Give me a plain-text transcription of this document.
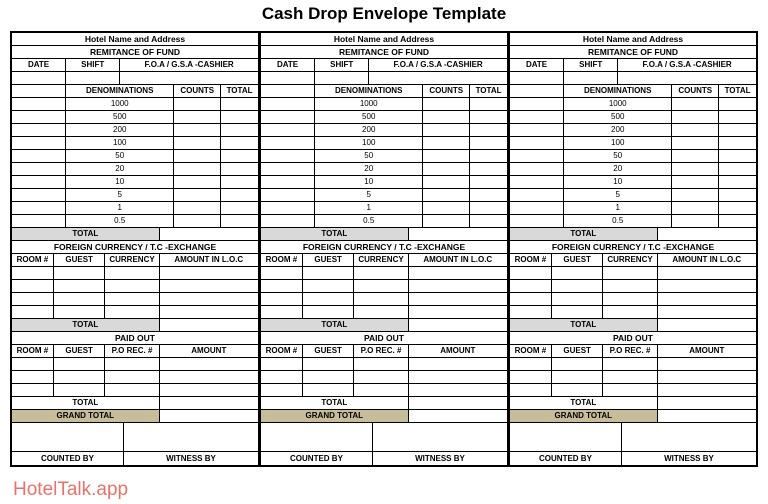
Cash Drop Envelope Template
Hotel Name and Address
REMITANCE OF FUND
DATE	SHIFT	F.O.A / G.S.A -CASHIER
DENOMINATIONS	COUNTS	TOTAL
1000
500
200
100
50
20
10
5
1
0.5
TOTAL
FOREIGN CURRENCY / T.C -EXCHANGE
ROOM #	GUEST	CURRENCY	AMOUNT IN L.O.C
TOTAL
PAID OUT
ROOM #	GUEST	P.O REC. #	AMOUNT
TOTAL
GRAND TOTAL
COUNTED BY	WITNESS BY
Hotel Name and Address
REMITANCE OF FUND
DATE	SHIFT	F.O.A / G.S.A -CASHIER
DENOMINATIONS	COUNTS	TOTAL
1000
500
200
100
50
20
10
5
1
0.5
TOTAL
FOREIGN CURRENCY / T.C -EXCHANGE
ROOM #	GUEST	CURRENCY	AMOUNT IN L.O.C
TOTAL
PAID OUT
ROOM #	GUEST	P.O REC. #	AMOUNT
TOTAL
GRAND TOTAL
COUNTED BY	WITNESS BY
Hotel Name and Address
REMITANCE OF FUND
DATE	SHIFT	F.O.A / G.S.A -CASHIER
DENOMINATIONS	COUNTS	TOTAL
1000
500
200
100
50
20
10
5
1
0.5
TOTAL
FOREIGN CURRENCY / T.C -EXCHANGE
ROOM #	GUEST	CURRENCY	AMOUNT IN L.O.C
TOTAL
PAID OUT
ROOM #	GUEST	P.O REC. #	AMOUNT
TOTAL
GRAND TOTAL
COUNTED BY	WITNESS BY
HotelTalk.app
